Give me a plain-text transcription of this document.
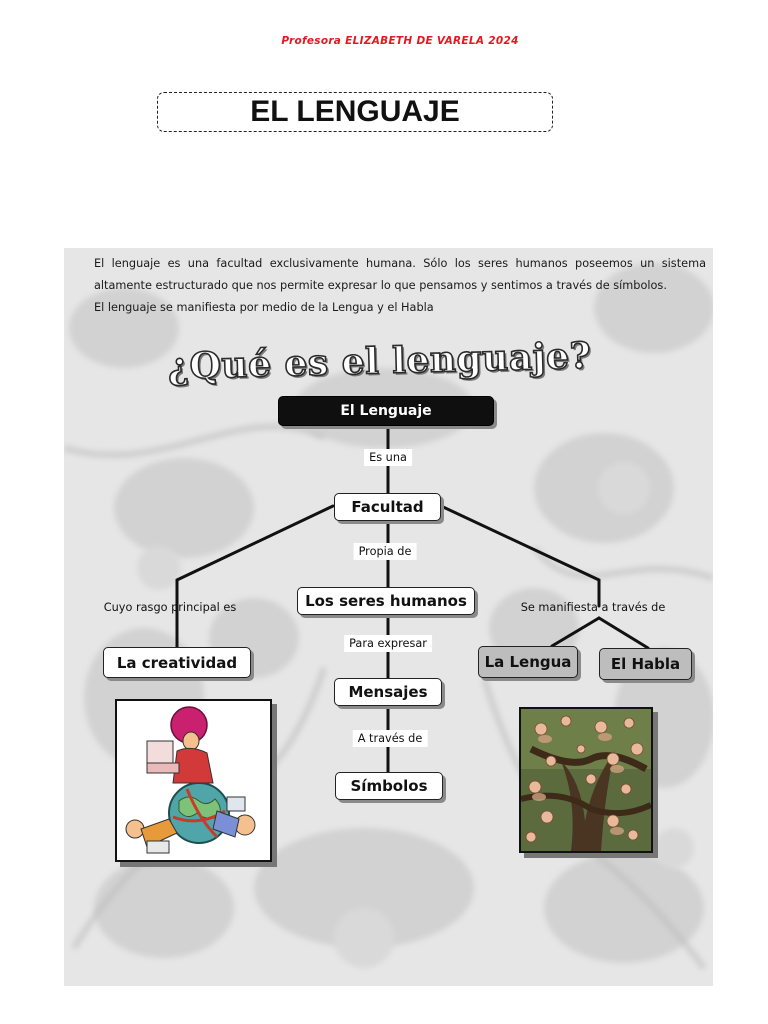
Profesora ELIZABETH DE VARELA 2024
EL LENGUAJE

El lenguaje es una facultad exclusivamente humana. Sólo los seres humanos poseemos un sistema altamente estructurado que nos permite expresar lo que pensamos y sentimos a través de símbolos.

El lenguaje se manifiesta por medio de la Lengua y el Habla

¿Qué es el lenguaje?
El Lenguaje
Es una
Facultad
Propia de
Los seres humanos
Para expresar
Mensajes
A través de
Símbolos
Cuyo rasgo principal es
La creatividad
Se manifiesta a través de
La Lengua	El Habla
